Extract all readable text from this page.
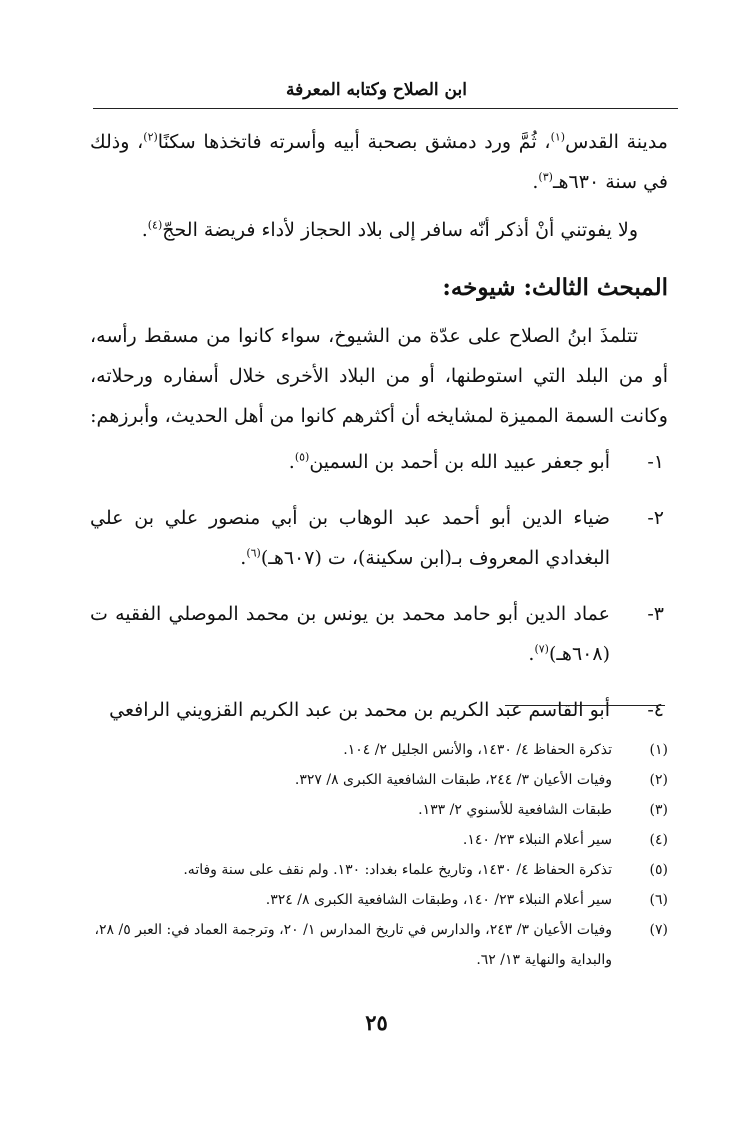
ابن الصلاح وكتابه المعرفة

مدينة القدس$^{(١)}$، ثُمَّ ورد دمشق بصحبة أبيه وأسرته فاتخذها سكنًا$^{(٢)}$، وذلك في سنة ٦٣٠هـ$^{(٣)}$.

ولا يفوتني أنْ أذكر أنّه سافر إلى بلاد الحجاز لأداء فريضة الحجّ$^{(٤)}$.

المبحث الثالث: شيوخه:

تتلمذَ ابنُ الصلاح على عدّة من الشيوخ، سواء كانوا من مسقط رأسه، أو من البلد التي استوطنها، أو من البلاد الأخرى خلال أسفاره ورحلاته، وكانت السمة المميزة لمشايخه أن أكثرهم كانوا من أهل الحديث، وأبرزهم:

١-
أبو جعفر عبيد الله بن أحمد بن السمين$^{(٥)}$.
٢-
ضياء الدين أبو أحمد عبد الوهاب بن أبي منصور علي بن علي البغدادي المعروف بـ(ابن سكينة)، ت (٦٠٧هـ)$^{(٦)}$.
٣-
عماد الدين أبو حامد محمد بن يونس بن محمد الموصلي الفقيه ت (٦٠٨هـ)$^{(٧)}$.
٤-
أبو القاسم عبد الكريم بن محمد بن عبد الكريم القزويني الرافعي
(١)
تذكرة الحفاظ ٤/ ١٤٣٠، والأنس الجليل ٢/ ١٠٤.
(٢)
وفيات الأعيان ٣/ ٢٤٤، طبقات الشافعية الكبرى ٨/ ٣٢٧.
(٣)
طبقات الشافعية للأسنوي ٢/ ١٣٣.
(٤)
سير أعلام النبلاء ٢٣/ ١٤٠.
(٥)
تذكرة الحفاظ ٤/ ١٤٣٠، وتاريخ علماء بغداد: ١٣٠. ولم نقف على سنة وفاته.
(٦)
سير أعلام النبلاء ٢٣/ ١٤٠، وطبقات الشافعية الكبرى ٨/ ٣٢٤.
(٧)
وفيات الأعيان ٣/ ٢٤٣، والدارس في تاريخ المدارس ١/ ٢٠، وترجمة العماد في: العبر ٥/ ٢٨، والبداية والنهاية ١٣/ ٦٢.
٢٥
